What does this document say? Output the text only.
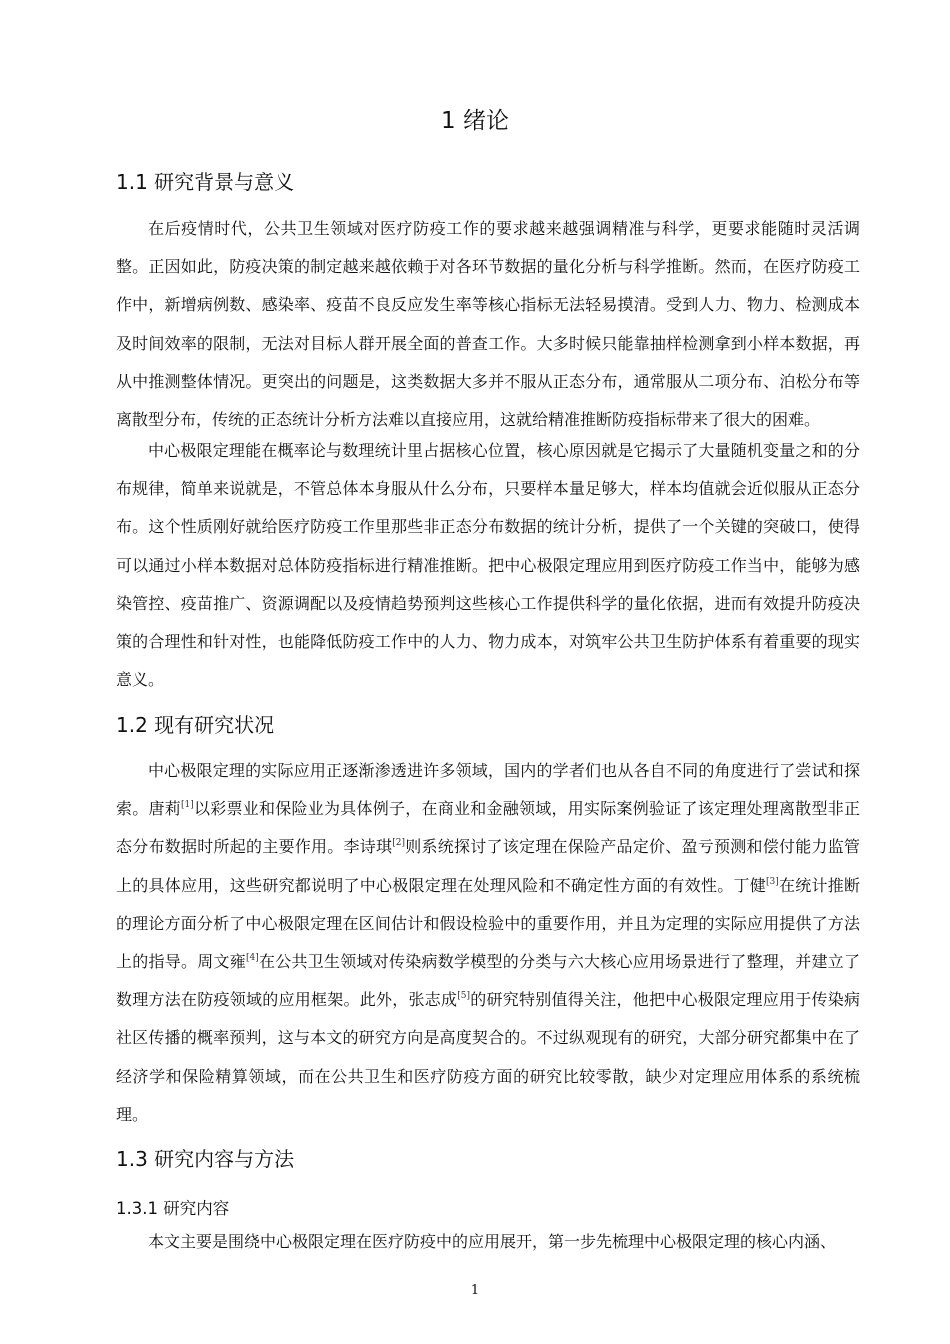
1 绪论
1.1 研究背景与意义

在后疫情时代，公共卫生领域对医疗防疫工作的要求越来越强调精准与科学，更要求能随时灵活调整。正因如此，防疫决策的制定越来越依赖于对各环节数据的量化分析与科学推断。然而，在医疗防疫工作中，新增病例数、感染率、疫苗不良反应发生率等核心指标无法轻易摸清。受到人力、物力、检测成本及时间效率的限制，无法对目标人群开展全面的普查工作。大多时候只能靠抽样检测拿到小样本数据，再从中推测整体情况。更突出的问题是，这类数据大多并不服从正态分布，通常服从二项分布、泊松分布等离散型分布，传统的正态统计分析方法难以直接应用，这就给精准推断防疫指标带来了很大的困难。

中心极限定理能在概率论与数理统计里占据核心位置，核心原因就是它揭示了大量随机变量之和的分布规律，简单来说就是，不管总体本身服从什么分布，只要样本量足够大，样本均值就会近似服从正态分布。这个性质刚好就给医疗防疫工作里那些非正态分布数据的统计分析，提供了一个关键的突破口，使得可以通过小样本数据对总体防疫指标进行精准推断。把中心极限定理应用到医疗防疫工作当中，能够为感染管控、疫苗推广、资源调配以及疫情趋势预判这些核心工作提供科学的量化依据，进而有效提升防疫决策的合理性和针对性，也能降低防疫工作中的人力、物力成本，对筑牢公共卫生防护体系有着重要的现实意义。

1.2 现有研究状况

中心极限定理的实际应用正逐渐渗透进许多领域，国内的学者们也从各自不同的角度进行了尝试和探索。唐莉[1]以彩票业和保险业为具体例子，在商业和金融领域，用实际案例验证了该定理处理离散型非正态分布数据时所起的主要作用。李诗琪[2]则系统探讨了该定理在保险产品定价、盈亏预测和偿付能力监管上的具体应用，这些研究都说明了中心极限定理在处理风险和不确定性方面的有效性。丁健[3]在统计推断的理论方面分析了中心极限定理在区间估计和假设检验中的重要作用，并且为定理的实际应用提供了方法上的指导。周文雍[4]在公共卫生领域对传染病数学模型的分类与六大核心应用场景进行了整理，并建立了数理方法在防疫领域的应用框架。此外，张志成[5]的研究特别值得关注，他把中心极限定理应用于传染病社区传播的概率预判，这与本文的研究方向是高度契合的。不过纵观现有的研究，大部分研究都集中在了经济学和保险精算领域，而在公共卫生和医疗防疫方面的研究比较零散，缺少对定理应用体系的系统梳理。

1.3 研究内容与方法
1.3.1 研究内容

本文主要是围绕中心极限定理在医疗防疫中的应用展开，第一步先梳理中心极限定理的核心内涵、

1
